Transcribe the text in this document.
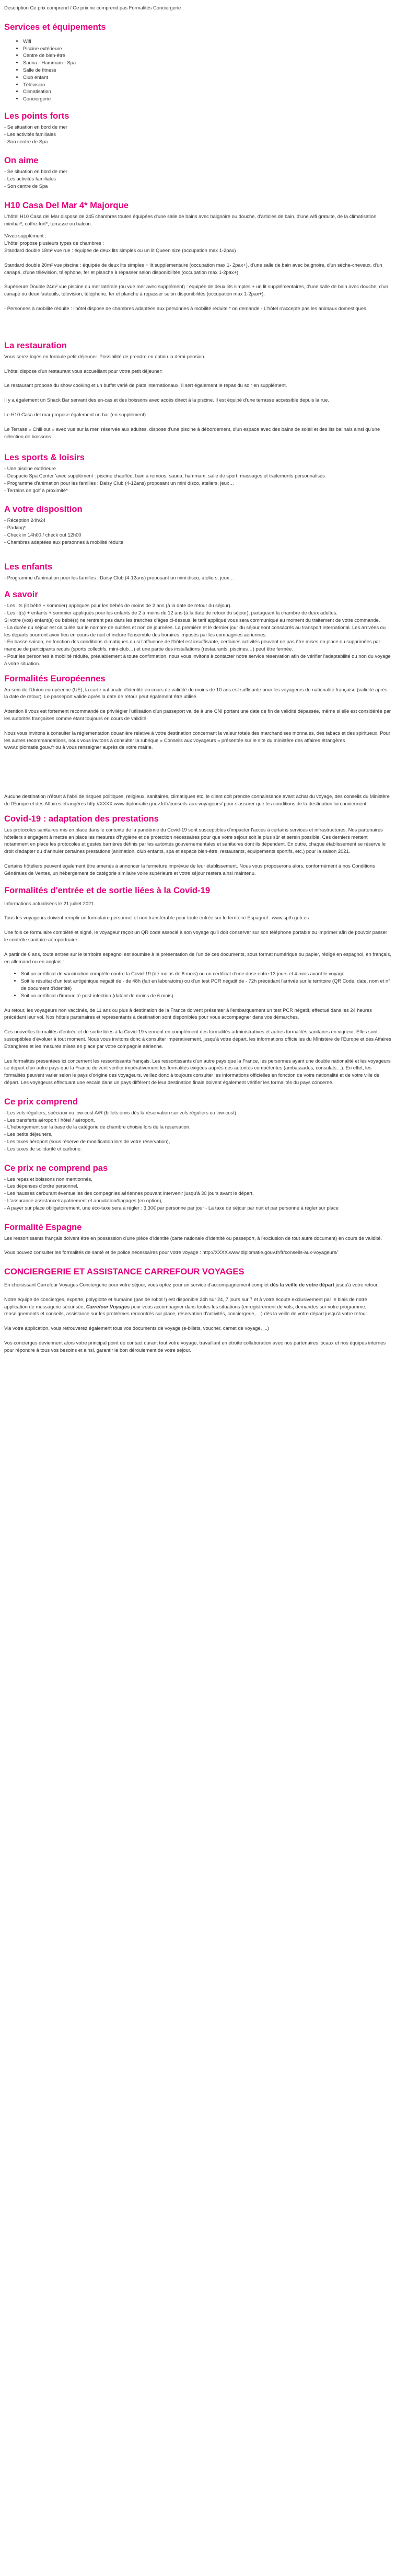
Description Ce prix comprend / Ce prix ne comprend pas Formalités Conciergerie

Services et équipements
• Wifi
• Piscine extérieure
• Centre de bien-être
• Sauna - Hammam - Spa
• Salle de fitness
• Club enfant
• Télévision
• Climatisation
• Conciergerie
Les points forts

- Se situation en bord de mer

- Les activités familiales

- Son centre de Spa

On aime

- Se situation en bord de mer

- Les activités familiales

- Son centre de Spa

H10 Casa Del Mar 4* Majorque

L'hôtel H10 Casa del Mar dispose de 245 chambres toutes équipées d'une salle de bains avec baignoire ou douche, d'articles de bain, d'une wifi gratuite, de la climatisation, minibar*, coffre-fort*, terrasse ou balcon.

*Avec supplément :

L'hôtel propose plusieurs types de chambres :

Standard double 18m² vue rue : équipée de deux lits simples ou un lit Queen size (occupation max 1-2pax)

Standard double 20m² vue piscine : équipée de deux lits simples + lit supplémentaire (occupation max 1- 2pax+), d'une salle de bain avec baignoire, d'un sèche-cheveux, d'un canapé, d'une télévision, téléphone, fer et planche à repasser selon disponibilités (occupation max 1-2pax+).

Supérieure Double 24m² vue piscine ou mer latérale (ou vue mer avec supplément) : équipée de deux lits simples + un lit supplémentaires, d'une salle de bain avec douche, d'un canapé ou deux fauteuils, télévision, téléphone, fer et planche à repasser selon disponibilités (occupation max 1-2pax+).

- Personnes à mobilité réduite : l'hôtel dispose de chambres adaptées aux personnes à mobilité réduite * on demande - L'hôtel n'accepte pas les animaux domestiques.

La restauration

Vous serez logés en formule petit déjeuner. Possibilité de prendre en option la demi-pension.

L'hôtel dispose d'un restaurant vous accueillant pour votre petit déjeuner:

Le restaurant propose du show cooking et un buffet varié de plats internationaux. Il sert également le repas du soir en supplément.

Il y a également un Snack Bar servant des en-cas et des boissons avec accès direct à la piscine. Il est équipé d'une terrasse accessible depuis la rue.

Le H10 Casa del mar propose également un bar (en supplément) :

Le Terrase « Chill out » avec vue sur la mer, réservée aux adultes, dispose d'une piscine à débordement, d'un espace avec des bains de soleil et des lits balinais ainsi qu'une sélection de boissons.

Les sports & loisirs

- Une piscine extérieure

- Despacio Spa Center 'avec supplément : piscine chauffée, bain à remous, sauna, hammam, salle de sport, massages et traitements personnalisés

- Programme d'animation pour les familles : Daisy Club (4-12ans) proposant un mini disco, ateliers, jeux…

- Terrains de golf à proximité*

A votre disposition

- Réception 24h/24

- Parking*

- Check in 14h00 / check out 12h00

- Chambres adaptées aux personnes à mobilité réduite

Les enfants

- Programme d'animation pour les familles : Daisy Club (4-12ans) proposant un mini disco, ateliers, jeux…

A savoir

- Les lits (lit bébé + sommier) appliqués pour les bébés de moins de 2 ans (à la date de retour du séjour).

- Les lit(s) + enfants + sommier appliqués pour les enfants de 2 à moins de 12 ans (à la date de retour du séjour), partageant la chambre de deux adultes.

Si votre (vos) enfant(s) ou bébé(s) ne rentrent pas dans les tranches d'âges ci-dessus, le tarif appliqué vous sera communiqué au moment du traitement de votre commande.

- La durée du séjour est calculée sur le nombre de nuitées et non de journées. La première et le dernier jour du séjour sont consacrés au transport international. Les arrivées ou les départs pourront avoir lieu en cours de nuit et inclure l'ensemble des horaires imposés par les compagnies aériennes.

- En basse saison, en fonction des conditions climatiques ou si l'affluence de l'hôtel est insuffisante, certaines activités peuvent ne pas être mises en place ou supprimées par manque de participants requis (sports collectifs, mini-club…) et une partie des installations (restaurants, piscines…) peut être fermée.

- Pour les personnes à mobilité réduite, préalablement à toute confirmation, nous vous invitons à contacter notre service réservation afin de vérifier l'adaptabilité ou non du voyage à votre situation.

Formalités Européennes

Au sein de l'Union européenne (UE), la carte nationale d'identité en cours de validité de moins de 10 ans est suffisante pour les voyageurs de nationalité française (validité après la date de retour). Le passeport valide après la date de retour peut également être utilisé.

Attention il vous est fortement recommandé de privilégier l'utilisation d'un passeport valide à une CNI portant une date de fin de validité dépassée, même si elle est considérée par les autorités françaises comme étant toujours en cours de validité.

Nous vous invitons à consulter la réglementation douanière relative à votre destination concernant la valeur totale des marchandises monnaies, des tabacs et des spiritueux. Pour les autres recommandations, nous vous invitons à consulter la rubrique « Conseils aux voyageurs » présentée sur le site du ministère des affaires étrangères www.diplomatie.gouv.fr ou à vous renseigner auprès de votre mairie.

Aucune destination n'étant à l'abri de risques politiques, religieux, sanitaires, climatiques etc. le client doit prendre connaissance avant achat du voyage, des conseils du Ministère de l'Europe et des Affaires étrangères http://XXXX.www.diplomatie.gouv.fr/fr/conseils-aux-voyageurs/ pour s'assurer que les conditions de la destination lui conviennent.

Covid-19 : adaptation des prestations

Les protocoles sanitaires mis en place dans le contexte de la pandémie du Covid-19 sont susceptibles d'impacter l'accès à certains services et infrastructures. Nos partenaires hôteliers s'engagent à mettre en place les mesures d'hygiène et de protection nécessaires pour que votre séjour soit le plus sûr et serein possible. Ces derniers mettent notamment en place les protocoles et gestes barrières définis par les autorités gouvernementales et sanitaires dont ils dépendent. En outre, chaque établissement se réserve le droit d'adapter ou d'annuler certaines prestations (animation, club enfants, spa et espace bien-être, restaurants, équipements sportifs, etc.) pour la saison 2021.

Certains hôteliers peuvent également être amenés à annoncer la fermeture imprévue de leur établissement. Nous vous proposerons alors, conformément à nos Conditions Générales de Ventes, un hébergement de catégorie similaire voire supérieure et votre séjour restera ainsi maintenu.

Formalités d'entrée et de sortie liées à la Covid-19

Informations actualisées le 21 juillet 2021.

Tous les voyageurs doivent remplir un formulaire personnel et non transférable pour toute entrée sur le territoire Espagnol : www.spth.gob.es

Une fois ce formulaire complété et signé, le voyageur reçoit un QR code associé à son voyage qu'il doit conserver sur son téléphone portable ou imprimer afin de pouvoir passer le contrôle sanitaire aéroportuaire.

A partir de 6 ans, toute entrée sur le territoire espagnol est soumise à la présentation de l'un de ces documents, sous format numérique ou papier, rédigé en espagnol, en français, en allemand ou en anglais :

• Soit un certificat de vaccination complète contre la Covid-19 (de moins de 8 mois) ou un certificat d'une dose entre 13 jours et 4 mois avant le voyage.
• Soit le résultat d'un test antigénique négatif de - de 48h (fait en laboratoire) ou d'un test PCR négatif de - 72h précédant l'arrivée sur le territoire (QR Code, date, nom et n° de document d'identité)
• Soit un certificat d'immunité post-infection (datant de moins de 6 mois)

Au retour, les voyageurs non vaccinés, de 11 ans ou plus à destination de la France doivent présenter à l'embarquement un test PCR négatif, effectué dans les 24 heures précédant leur vol. Nos hôtels partenaires et représentants à destination sont disponibles pour vous accompagner dans vos démarches.

Ces nouvelles formalités d'entrée et de sortie liées à la Covid-19 viennent en complément des formalités administratives et autres formalités sanitaires en vigueur. Elles sont susceptibles d'évoluer à tout moment. Nous vous invitons donc à consulter impérativement, jusqu'à votre départ, les informations officielles du Ministère de l'Europe et des Affaires Étrangères et les mesures mises en place par votre compagnie aérienne.

Les formalités présentées ici concernent les ressortissants français. Les ressortissants d'un autre pays que la France, les personnes ayant une double nationalité et les voyageurs se départ d'un autre pays que la France doivent vérifier impérativement les formalités exigées auprès des autorités compétentes (ambassades, consulats…). En effet, les formalités peuvent varier selon le pays d'origine des voyageurs, veillez donc à toujours consulter les informations officielles en fonction de votre nationalité et de votre ville de départ. Les voyageurs effectuant une escale dans un pays différent de leur destination finale doivent également vérifier les formalités du pays concerné.

Ce prix comprend

- Les vols réguliers, spéciaux ou low-cost A/R (billets émis dès la réservation sur vols réguliers ou low-cost)

- Les transferts aéroport / hôtel / aéroport,

- L'hébergement sur la base de la catégorie de chambre choisie lors de la réservation,

- Les petits déjeuners,

- Les taxes aéroport (sous réserve de modification lors de votre réservation),

- Les taxes de solidarité et carbone.

Ce prix ne comprend pas

- Les repas et boissons non mentionnés,

- Les dépenses d'ordre personnel,

- Les hausses carburant éventuelles des compagnies aériennes pouvant intervenir jusqu'à 30 jours avant le départ,

- L'assurance assistance/rapatriement et annulation/bagages (en option),

- A payer sur place obligatoirement, une éco-taxe sera à régler : 3,30€ par personne par jour - La taxe de séjour par nuit et par personne à régler sur place

Formalité Espagne

Les ressortissants français doivent être en possession d'une pièce d'identité (carte nationale d'identité ou passeport, à l'exclusion de tout autre document) en cours de validité.

Vous pouvez consulter les formalités de santé et de police nécessaires pour votre voyage : http://XXXX.www.diplomatie.gouv.fr/fr/conseils-aux-voyageurs/

CONCIERGERIE ET ASSISTANCE CARREFOUR VOYAGES

En choisissant Carrefour Voyages Conciergerie pour votre séjour, vous optez pour un service d'accompagnement complet dès la veille de votre départ jusqu'à votre retour.

Notre équipe de concierges, experte, polyglotte et humaine (pas de robot !) est disponible 24h sur 24, 7 jours sur 7 et à votre écoute exclusivement par le biais de notre application de messagerie sécurisée, Carrefour Voyages pour vous accompagner dans toutes les situations (enregistrement de vols, demandes sur votre programme, renseignements et conseils, assistance sur les problèmes rencontrés sur place, réservation d'activités, conciergerie, ...) dès la veille de votre départ jusqu'à votre retour.

Via votre application, vous retrouverez également tous vos documents de voyage (e-billets, voucher, carnet de voyage, ...)

Vos concierges deviennent alors votre principal point de contact durant tout votre voyage, travaillant en étroite collaboration avec nos partenaires locaux et nos équipes internes pour répondre à tous vos besoins et ainsi, garantir le bon déroulement de votre séjour.
